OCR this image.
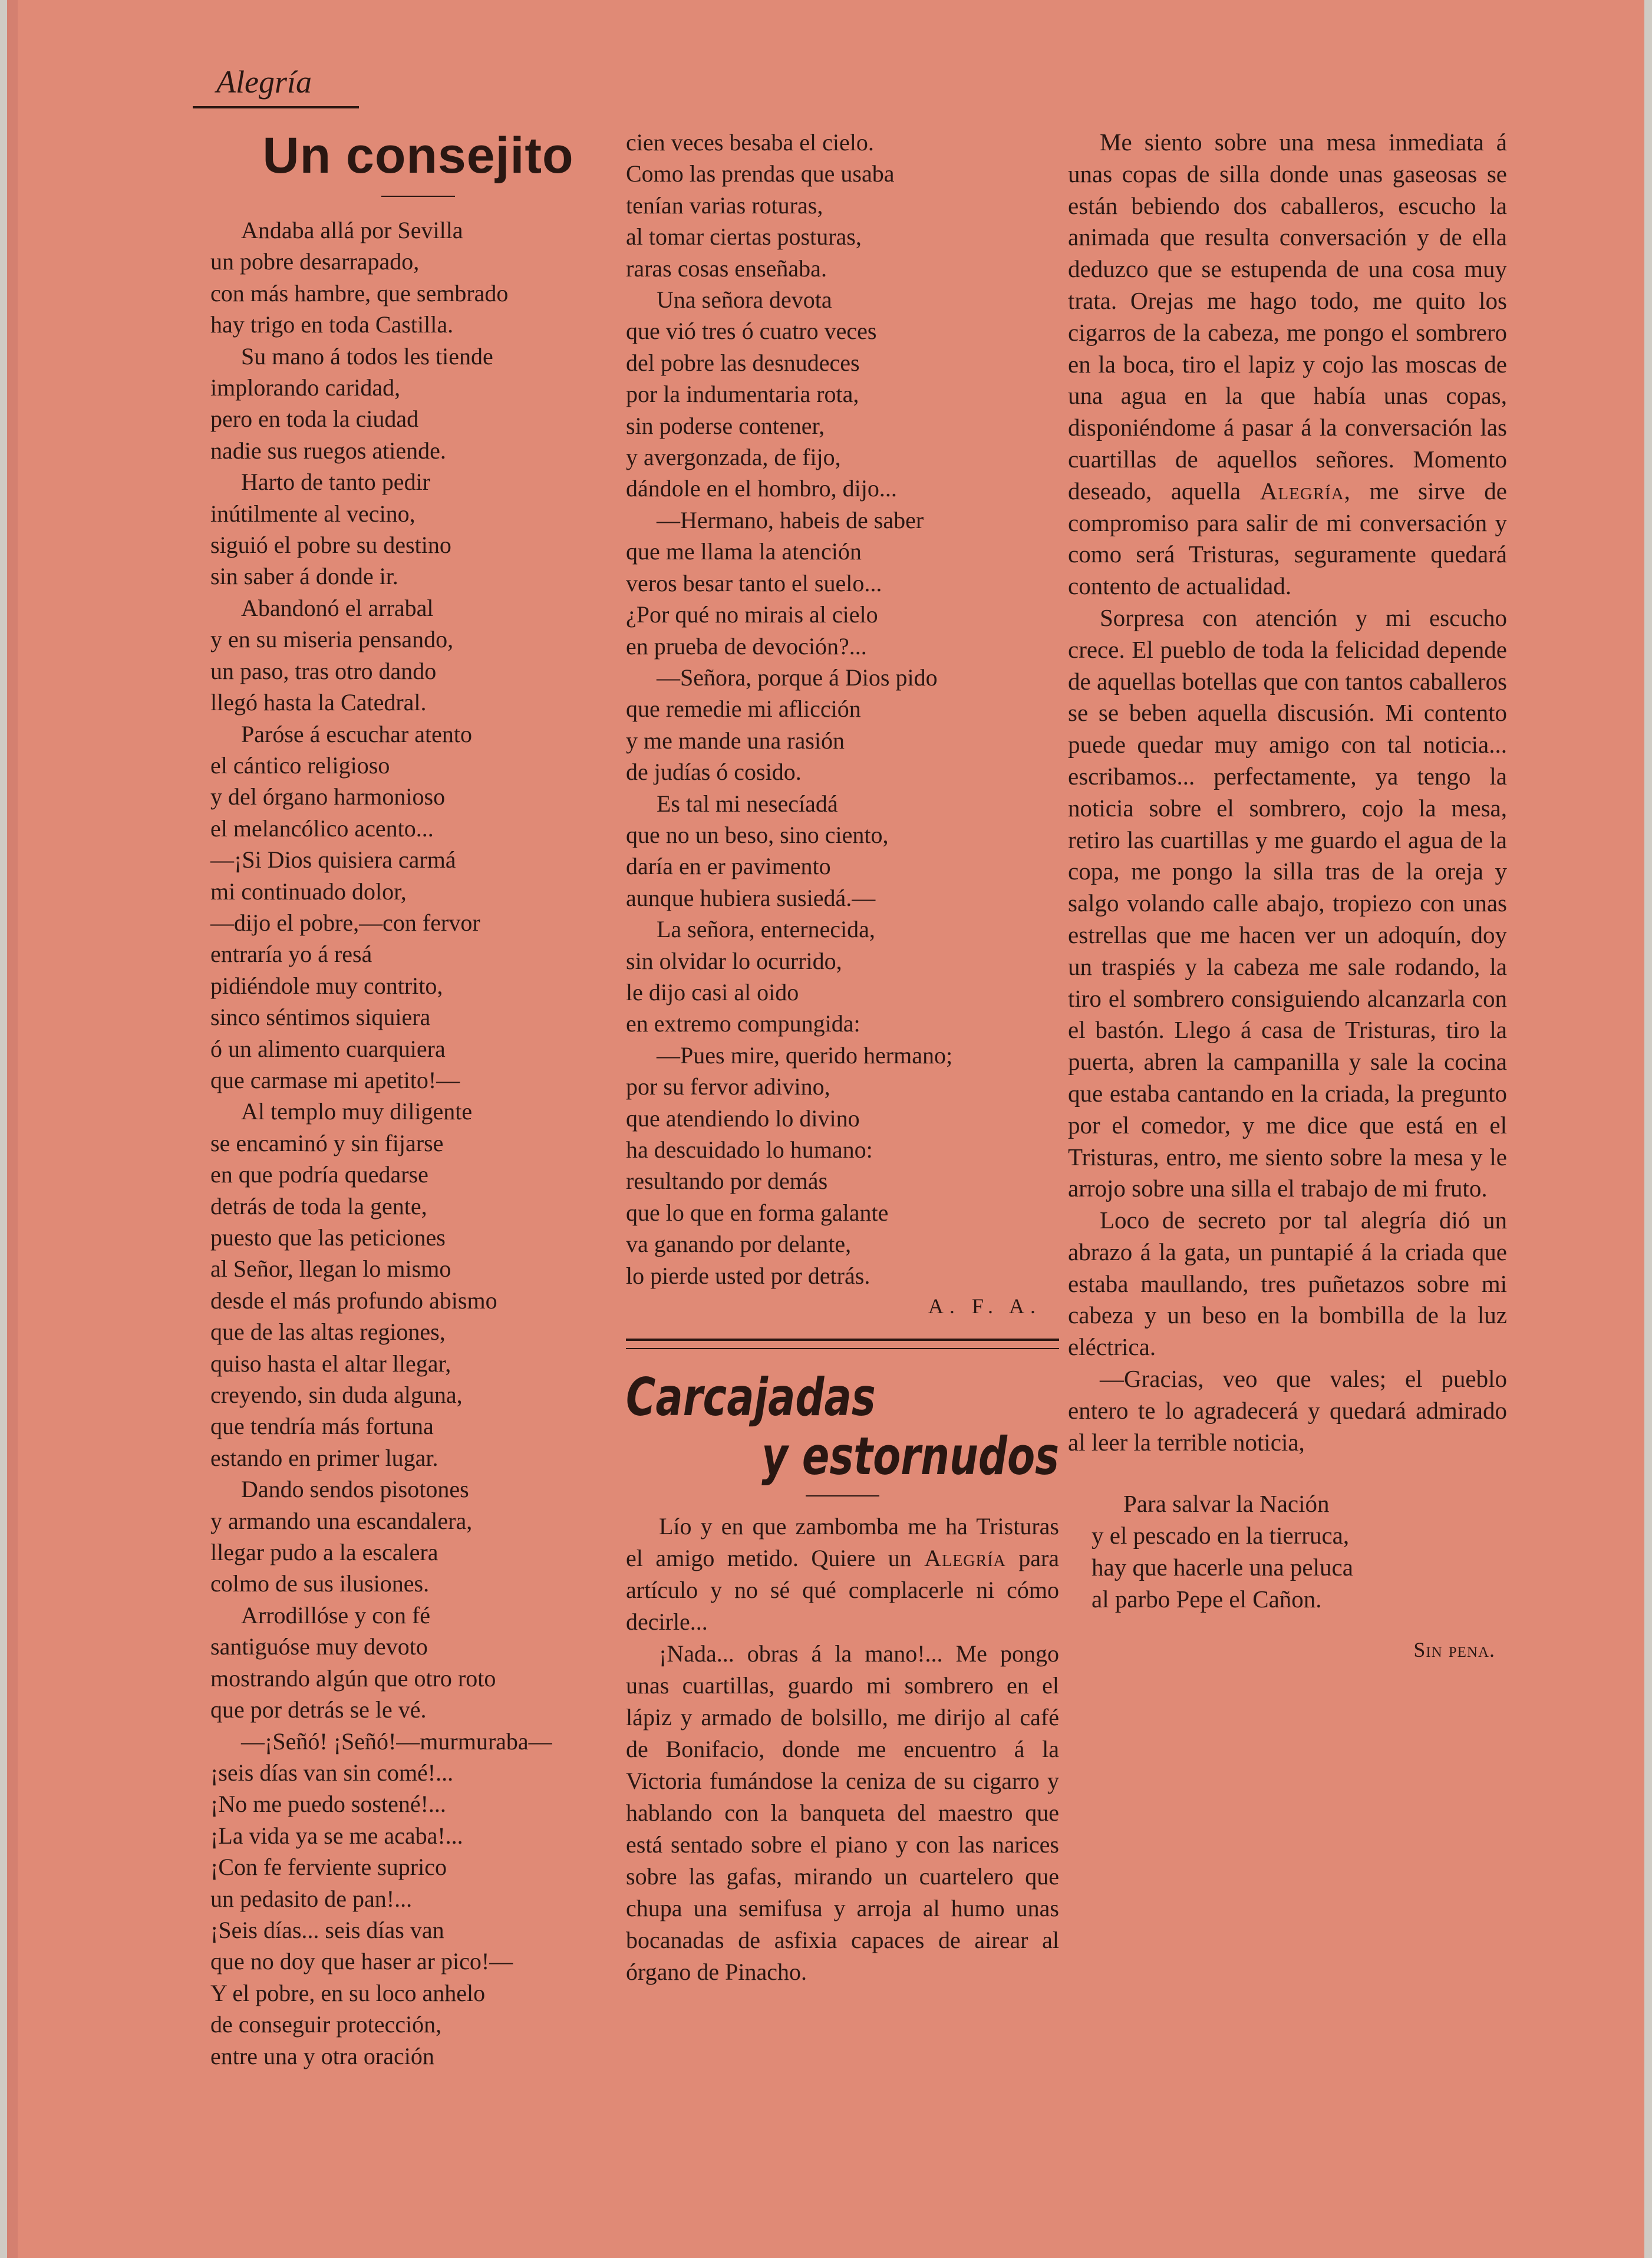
Alegría
Un consejito
Andaba allá por Sevilla
un pobre desarrapado,
con más hambre, que sembrado
hay trigo en toda Castilla.
Su mano á todos les tiende
implorando caridad,
pero en toda la ciudad
nadie sus ruegos atiende.
Harto de tanto pedir
inútilmente al vecino,
siguió el pobre su destino
sin saber á donde ir.
Abandonó el arrabal
y en su miseria pensando,
un paso, tras otro dando
llegó hasta la Catedral.
Paróse á escuchar atento
el cántico religioso
y del órgano harmonioso
el melancólico acento...
—¡Si Dios quisiera carmá
mi continuado dolor,
—dijo el pobre,—con fervor
entraría yo á resá
pidiéndole muy contrito,
sinco séntimos siquiera
ó un alimento cuarquiera
que carmase mi apetito!—
Al templo muy diligente
se encaminó y sin fijarse
en que podría quedarse
detrás de toda la gente,
puesto que las peticiones
al Señor, llegan lo mismo
desde el más profundo abismo
que de las altas regiones,
quiso hasta el altar llegar,
creyendo, sin duda alguna,
que tendría más fortuna
estando en primer lugar.
Dando sendos pisotones
y armando una escandalera,
llegar pudo a la escalera
colmo de sus ilusiones.
Arrodillóse y con fé
santiguóse muy devoto
mostrando algún que otro roto
que por detrás se le vé.
—¡Señó! ¡Señó!—murmuraba—
¡seis días van sin comé!...
¡No me puedo sostené!...
¡La vida ya se me acaba!...
¡Con fe ferviente suprico
un pedasito de pan!...
¡Seis días... seis días van
que no doy que haser ar pico!—
Y el pobre, en su loco anhelo
de conseguir protección,
entre una y otra oración
cien veces besaba el cielo.
Como las prendas que usaba
tenían varias roturas,
al tomar ciertas posturas,
raras cosas enseñaba.
Una señora devota
que vió tres ó cuatro veces
del pobre las desnudeces
por la indumentaria rota,
sin poderse contener,
y avergonzada, de fijo,
dándole en el hombro, dijo...
—Hermano, habeis de saber
que me llama la atención
veros besar tanto el suelo...
¿Por qué no mirais al cielo
en prueba de devoción?...
—Señora, porque á Dios pido
que remedie mi aflicción
y me mande una rasión
de judías ó cosido.
Es tal mi nesecíadá
que no un beso, sino ciento,
daría en er pavimento
aunque hubiera susiedá.—
La señora, enternecida,
sin olvidar lo ocurrido,
le dijo casi al oido
en extremo compungida:
—Pues mire, querido hermano;
por su fervor adivino,
que atendiendo lo divino
ha descuidado lo humano:
resultando por demás
que lo que en forma galante
va ganando por delante,
lo pierde usted por detrás.
A. F. A.
Carcajadas
y estornudos

Lío y en que zambomba me ha Tristuras el amigo metido. Quiere un Alegría para artículo y no sé qué complacerle ni cómo decirle...

¡Nada... obras á la mano!... Me pongo unas cuartillas, guardo mi sombrero en el lápiz y armado de bolsillo, me dirijo al café de Bonifacio, donde me encuentro á la Victoria fumándose la ceniza de su cigarro y hablando con la banqueta del maestro que está sentado sobre el piano y con las narices sobre las gafas, mirando un cuartelero que chupa una semifusa y arroja al humo unas bocanadas de asfixia capaces de airear al órgano de Pinacho.

Me siento sobre una mesa inmediata á unas copas de silla donde unas gaseosas se están bebiendo dos caballeros, escucho la animada que resulta conversación y de ella deduzco que se estupenda de una cosa muy trata. Orejas me hago todo, me quito los cigarros de la cabeza, me pongo el sombrero en la boca, tiro el lapiz y cojo las moscas de una agua en la que había unas copas, disponiéndome á pasar á la conversación las cuartillas de aquellos señores. Momento deseado, aquella Alegría, me sirve de compromiso para salir de mi conversación y como será Tristuras, seguramente quedará contento de actualidad.

Sorpresa con atención y mi escucho crece. El pueblo de toda la felicidad depende de aquellas botellas que con tantos caballeros se se beben aquella discusión. Mi contento puede quedar muy amigo con tal noticia... escribamos... perfectamente, ya tengo la noticia sobre el sombrero, cojo la mesa, retiro las cuartillas y me guardo el agua de la copa, me pongo la silla tras de la oreja y salgo volando calle abajo, tropiezo con unas estrellas que me hacen ver un adoquín, doy un traspiés y la cabeza me sale rodando, la tiro el sombrero consiguiendo alcanzarla con el bastón. Llego á casa de Tristuras, tiro la puerta, abren la campanilla y sale la cocina que estaba cantando en la criada, la pregunto por el comedor, y me dice que está en el Tristuras, entro, me siento sobre la mesa y le arrojo sobre una silla el trabajo de mi fruto.

Loco de secreto por tal alegría dió un abrazo á la gata, un puntapié á la criada que estaba maullando, tres puñetazos sobre mi cabeza y un beso en la bombilla de la luz eléctrica.

—Gracias, veo que vales; el pueblo entero te lo agradecerá y quedará admirado al leer la terrible noticia,

Para salvar la Nación
y el pescado en la tierruca,
hay que hacerle una peluca
al parbo Pepe el Cañon.
Sin pena.
